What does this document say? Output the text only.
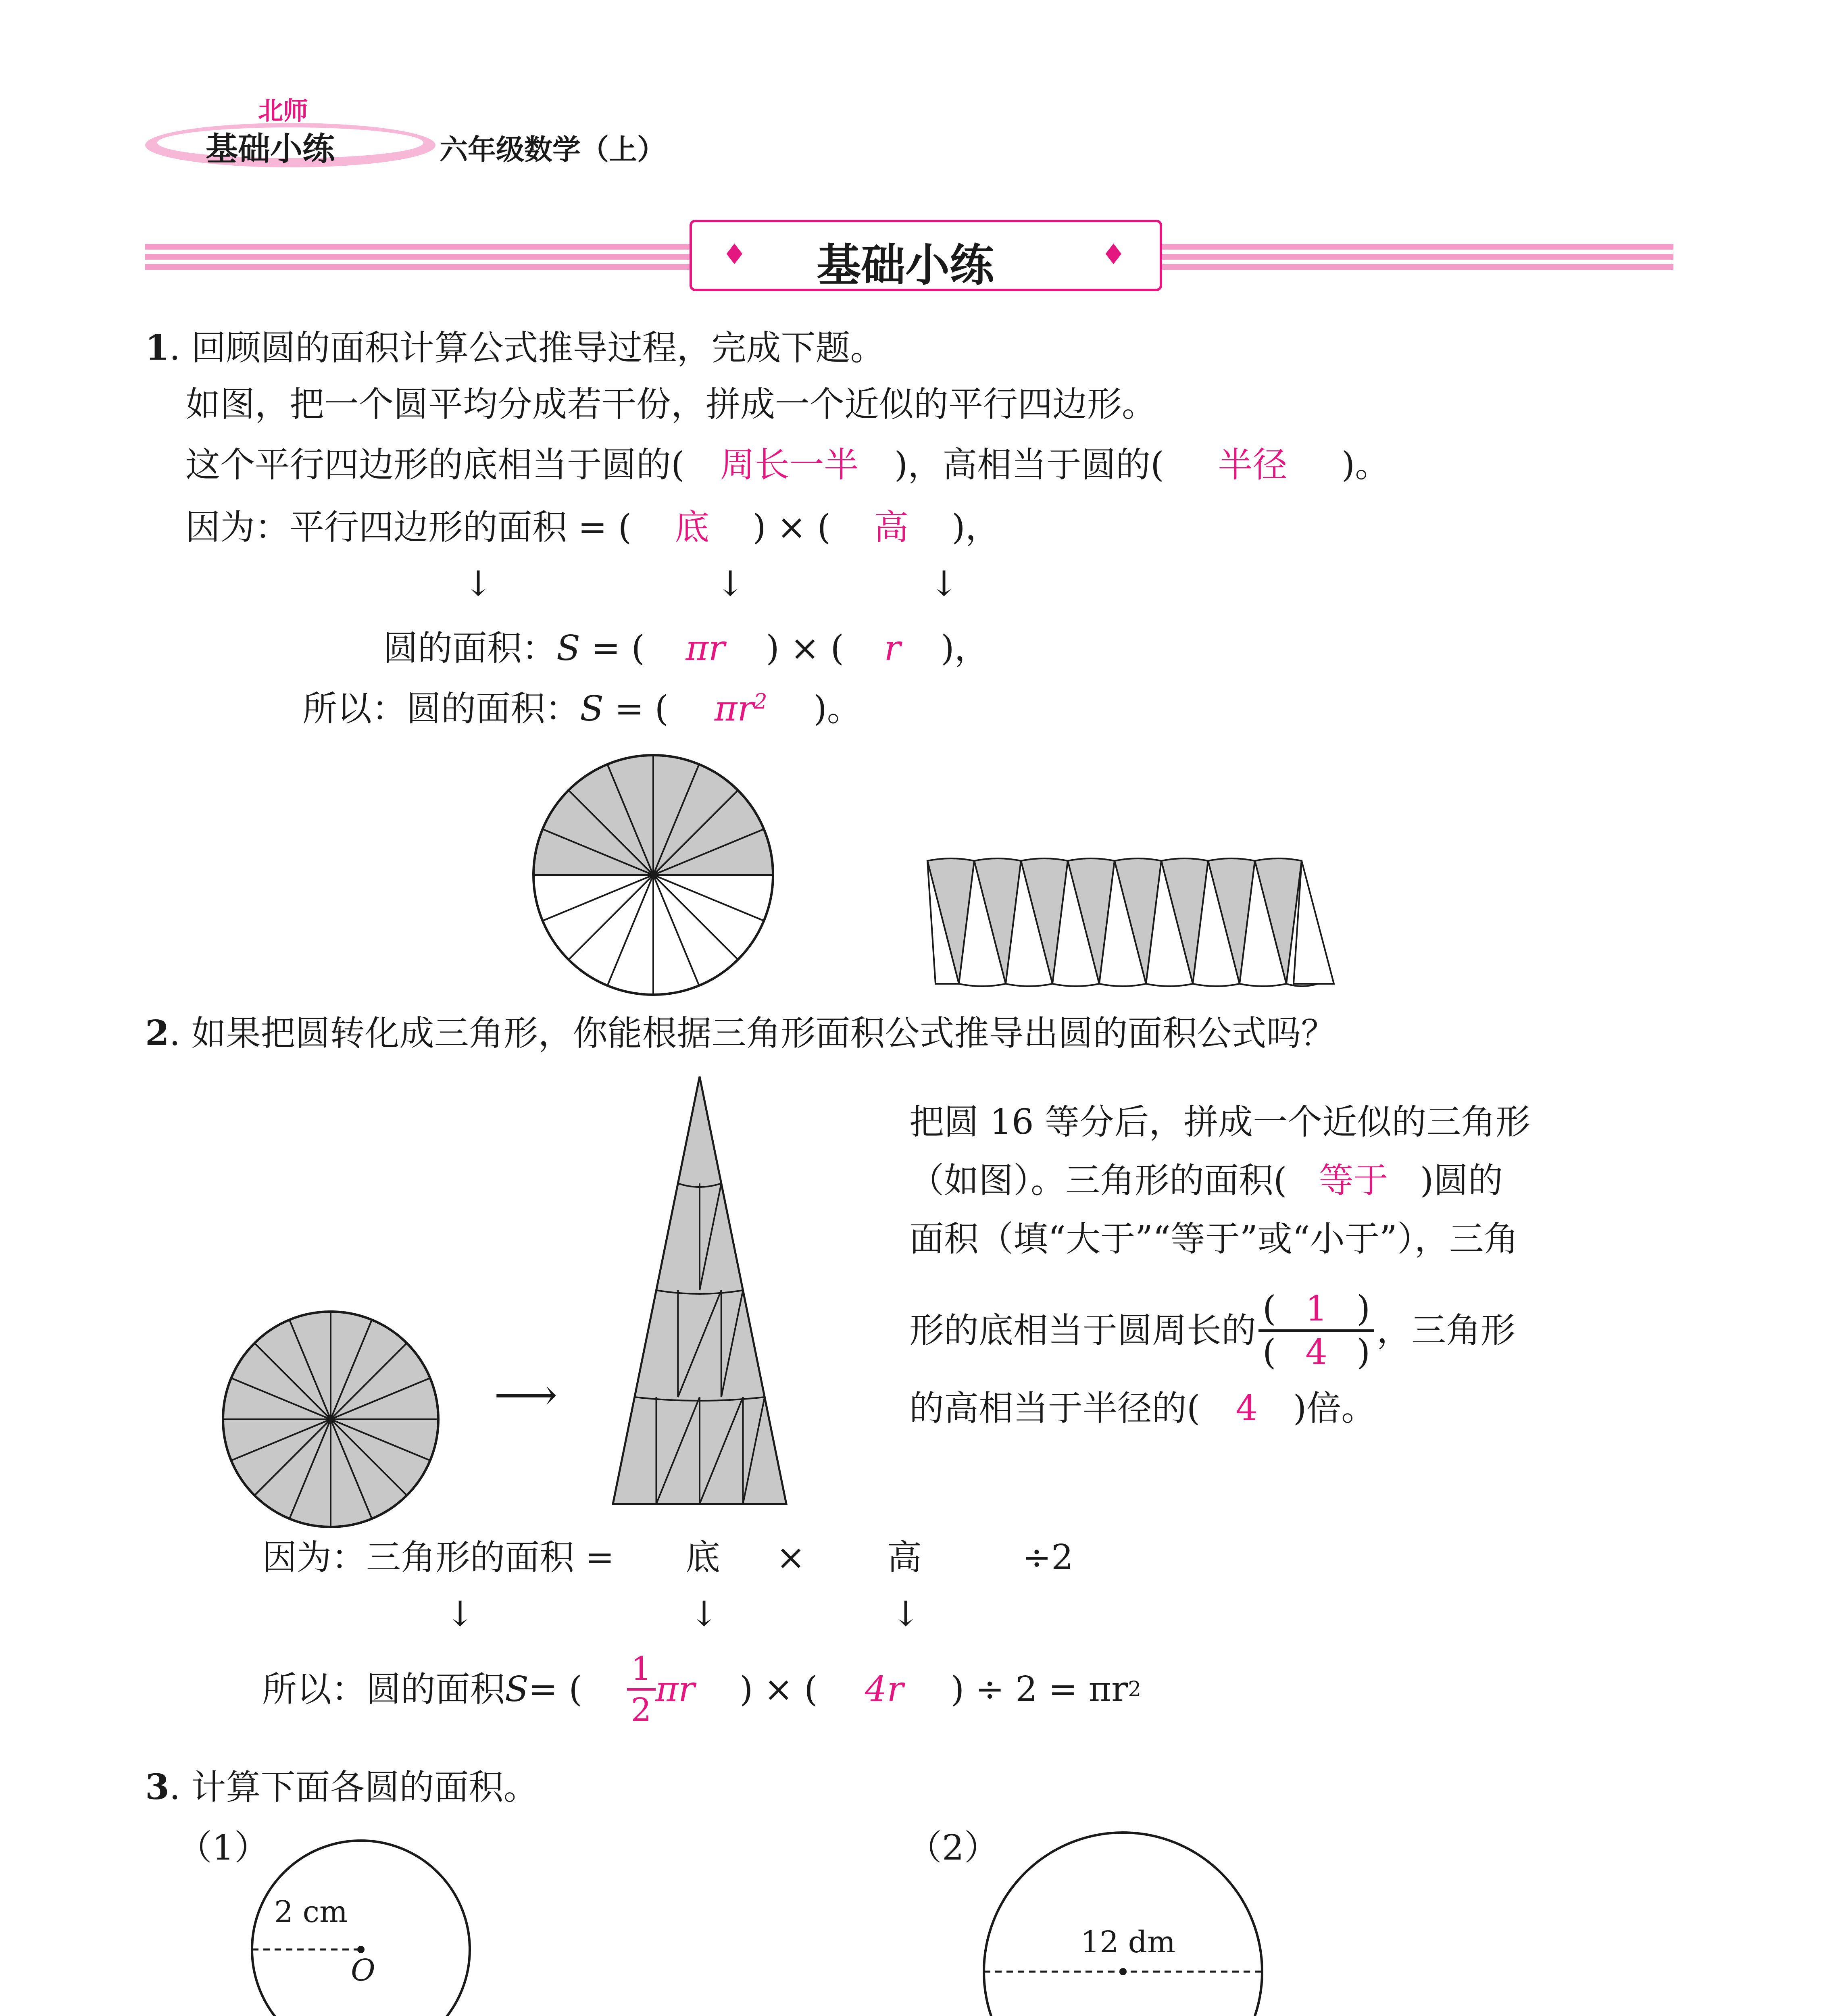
北师
基础小练	六年级数学（上）
♦ 基础小练	♦
1. 回顾圆的面积计算公式推导过程，完成下题。
如图，把一个圆平均分成若干份，拼成一个近似的平行四边形。
这个平行四边形的底相当于圆的( 周长一半 )，高相当于圆的( 半径 )。
因为：平行四边形的面积 = ( 底 ) × ( 高 )，
↓	↓	↓
圆的面积：S = ( πr ) × ( r )，
所以：圆的面积：S = ( $\pi r^2$ )。
2. 如果把圆转化成三角形，你能根据三角形面积公式推导出圆的面积公式吗？
⟶
把圆 16 等分后，拼成一个近似的三角形
（如图）。三角形的面积( 等于 )圆的
面积（填“大于”“等于”或“小于”），三角
形的底相当于圆周长的 $\frac{( 1 )}{( 4 )}$ ，三角形
的高相当于半径的( 4 )倍。
因为：三角形的面积 = 底 × 高	÷2
↓	↓	↓
所以：圆的面积 S = ( $\frac{1}{2}$ πr ) × (	4r	) ÷ 2 = πr 2
3. 计算下面各圆的面积。
（1）
2 cm
O
（2）
12 dm
